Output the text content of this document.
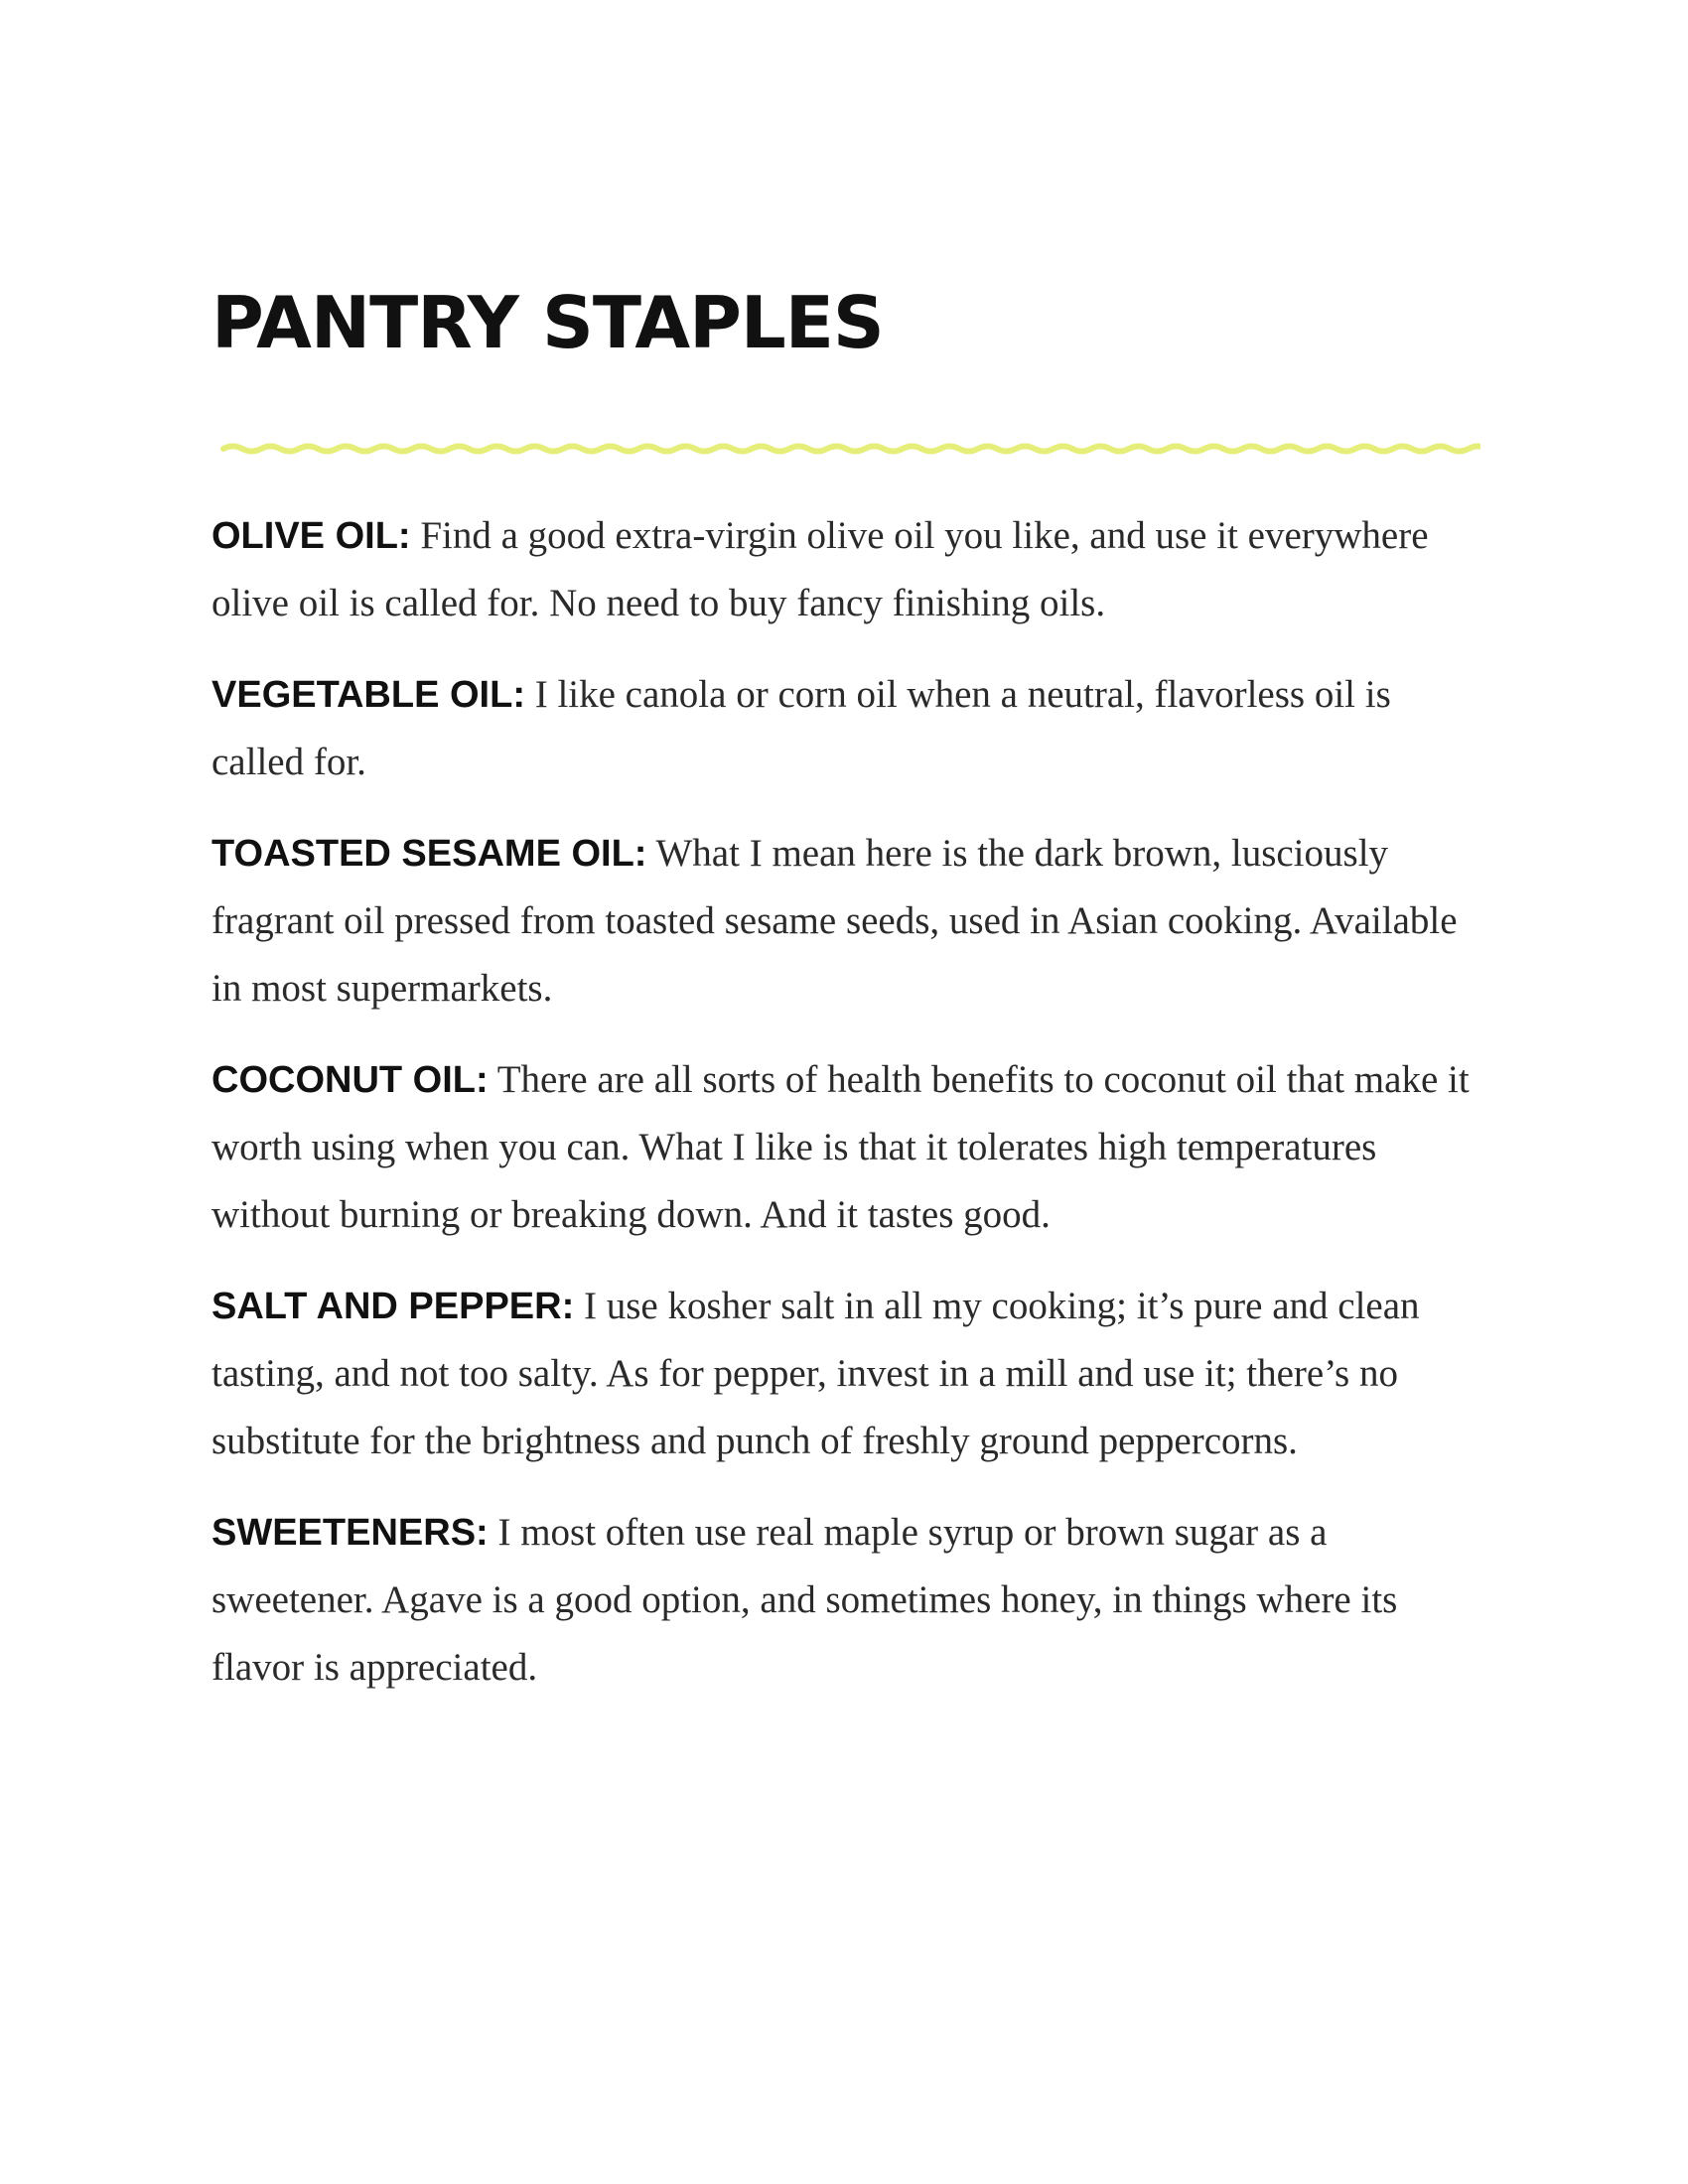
PANTRY STAPLES

OLIVE OIL: Find a good extra-virgin olive oil you like, and use it everywhere olive oil is called for. No need to buy fancy finishing oils.

VEGETABLE OIL: I like canola or corn oil when a neutral, flavorless oil is called for.

TOASTED SESAME OIL: What I mean here is the dark brown, lusciously fragrant oil pressed from toasted sesame seeds, used in Asian cooking. Available in most supermarkets.

COCONUT OIL: There are all sorts of health benefits to coconut oil that make it worth using when you can. What I like is that it tolerates high temperatures without burning or breaking down. And it tastes good.

SALT AND PEPPER: I use kosher salt in all my cooking; it’s pure and clean tasting, and not too salty. As for pepper, invest in a mill and use it; there’s no substitute for the brightness and punch of freshly ground peppercorns.

SWEETENERS: I most often use real maple syrup or brown sugar as a sweetener. Agave is a good option, and sometimes honey, in things where its flavor is appreciated.
